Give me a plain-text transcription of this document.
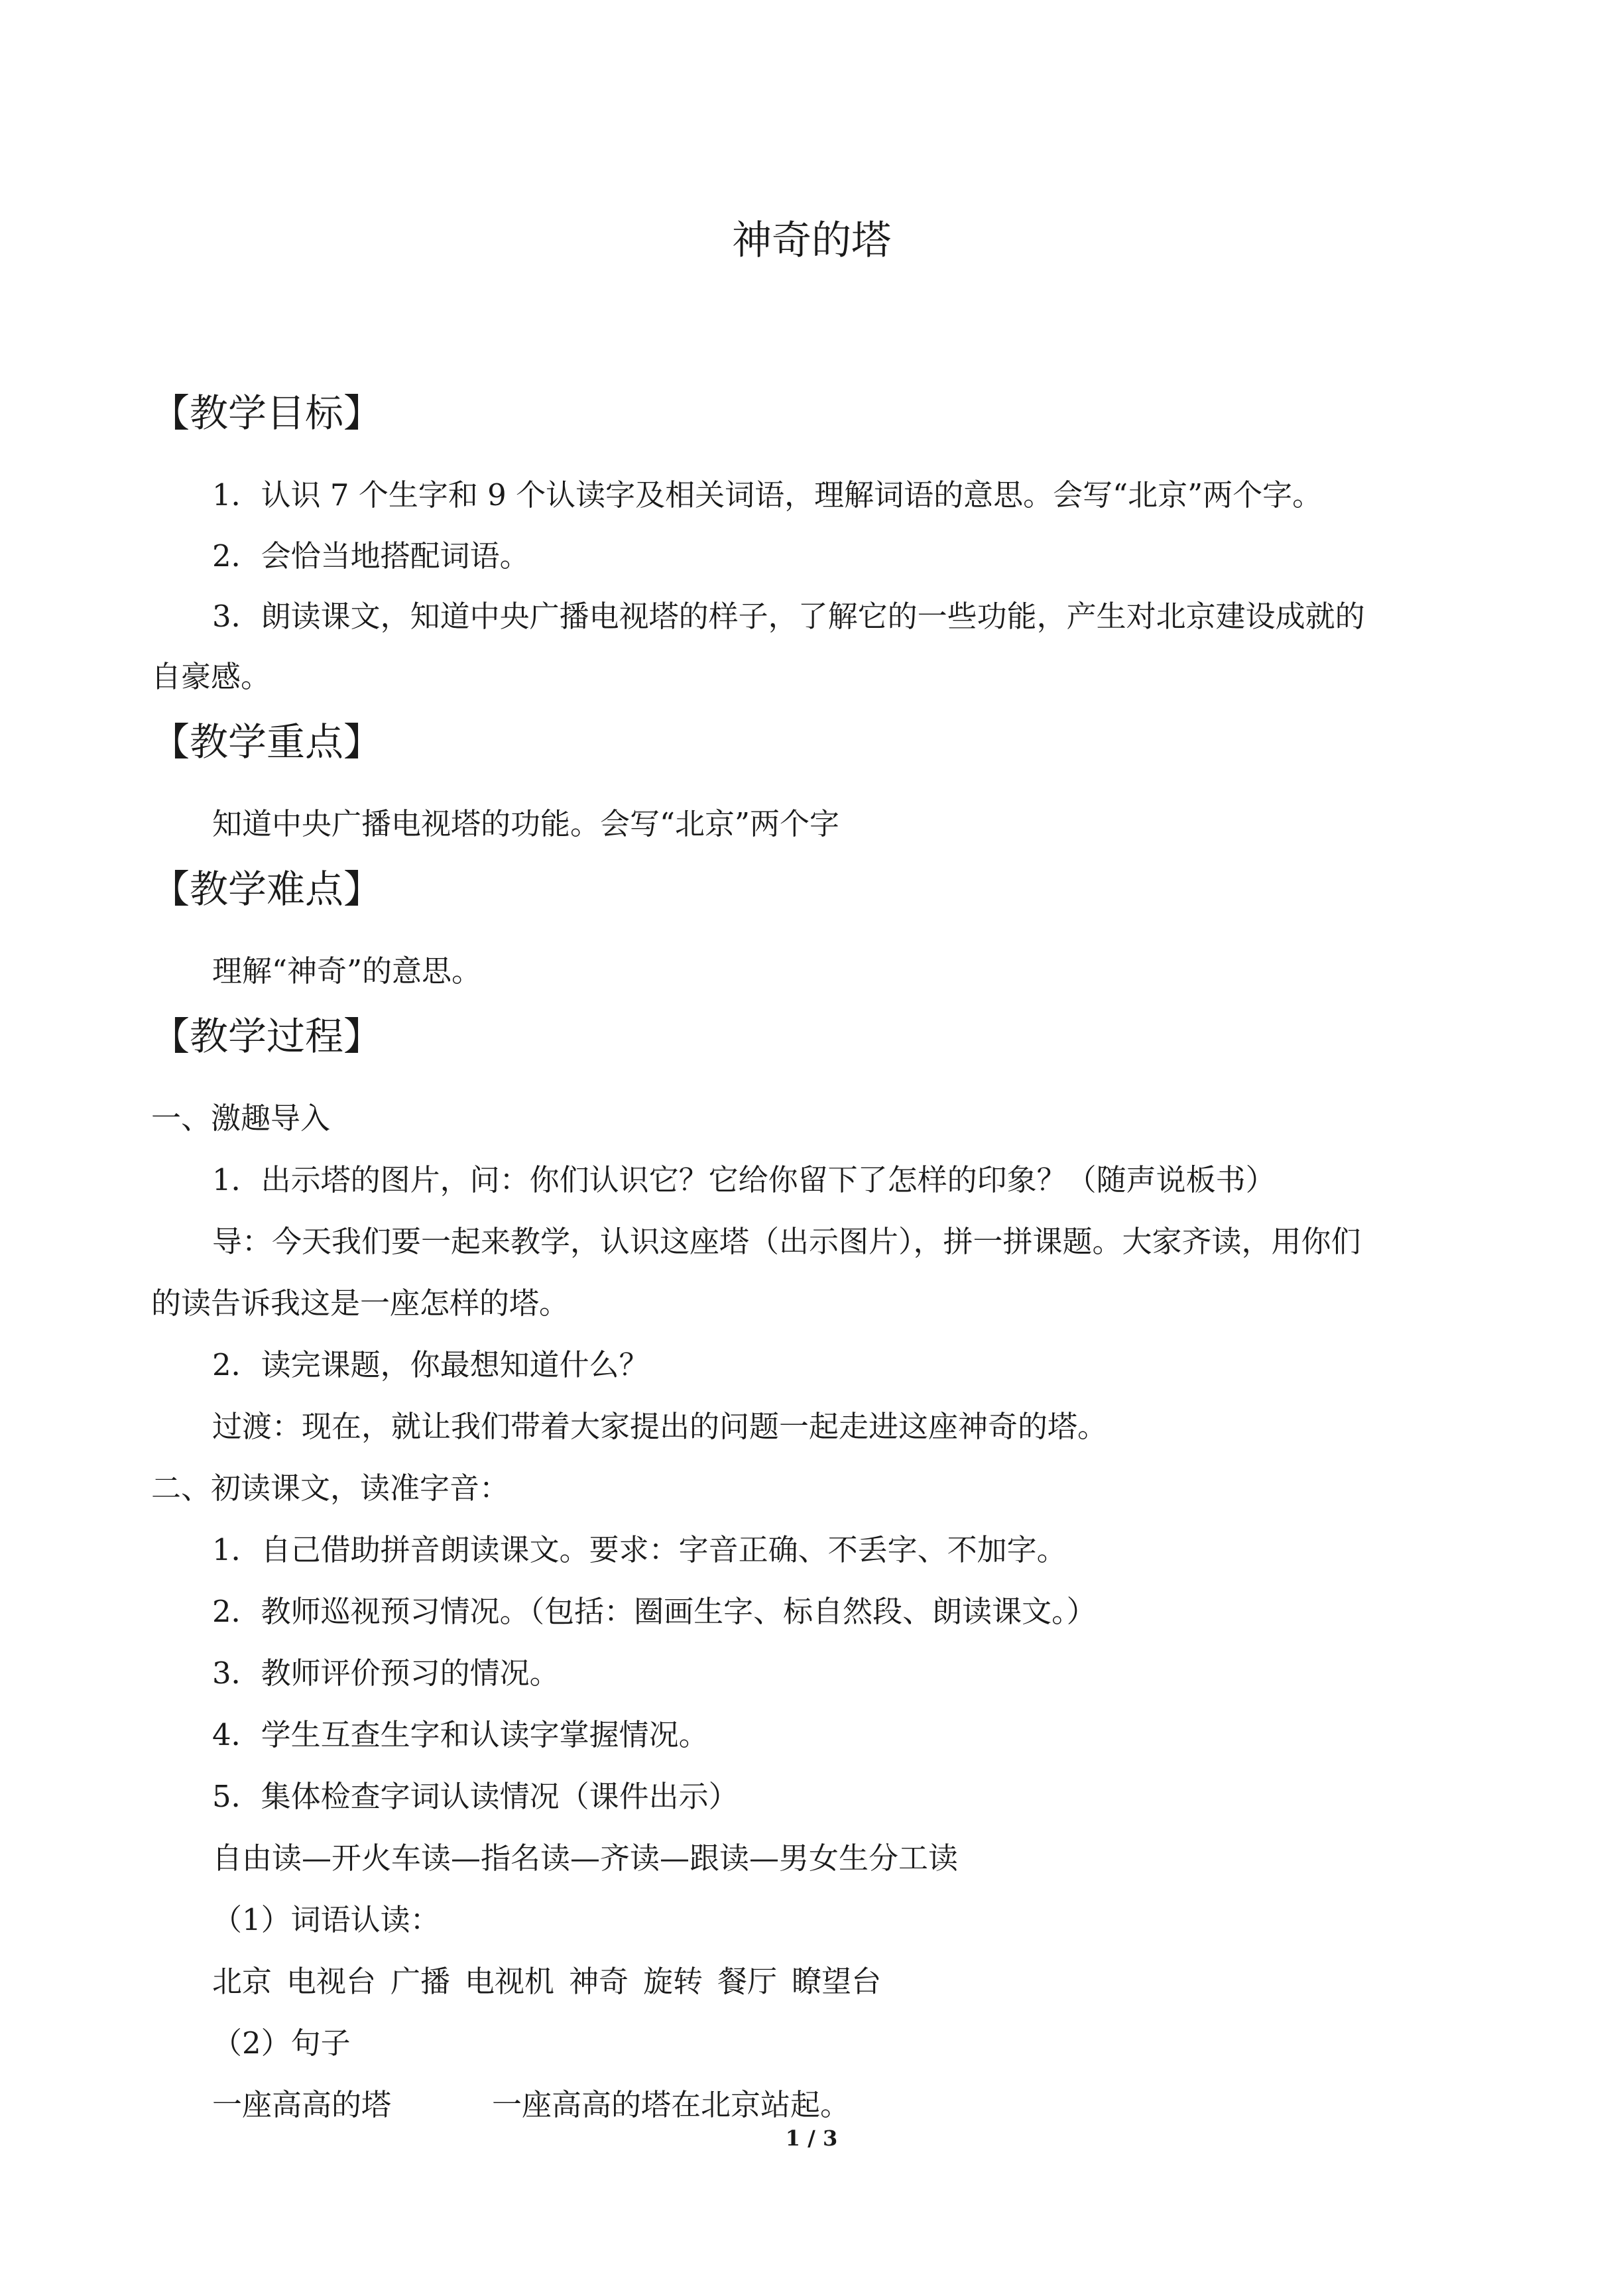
神奇的塔
【教学目标】
1．认识 7 个生字和 9 个认读字及相关词语，理解词语的意思。会写“北京”两个字。
2．会恰当地搭配词语。
3．朗读课文，知道中央广播电视塔的样子，了解它的一些功能，产生对北京建设成就的
自豪感。
【教学重点】
知道中央广播电视塔的功能。会写“北京”两个字
【教学难点】
理解“神奇”的意思。
【教学过程】
一、激趣导入
1．出示塔的图片，问：你们认识它？它给你留下了怎样的印象？（随声说板书）
导：今天我们要一起来教学，认识这座塔（出示图片），拼一拼课题。大家齐读，用你们
的读告诉我这是一座怎样的塔。
2．读完课题，你最想知道什么？
过渡：现在，就让我们带着大家提出的问题一起走进这座神奇的塔。
二、初读课文，读准字音：
1．自己借助拼音朗读课文。要求：字音正确、不丢字、不加字。
2．教师巡视预习情况。（包括：圈画生字、标自然段、朗读课文。）
3．教师评价预习的情况。
4．学生互查生字和认读字掌握情况。
5．集体检查字词认读情况（课件出示）
自由读—开火车读—指名读—齐读—跟读—男女生分工读
（1）词语认读：
北京 电视台 广播 电视机 神奇 旋转 餐厅 瞭望台
（2）句子
一座高高的塔	一座高高的塔在北京站起。
1 / 3
